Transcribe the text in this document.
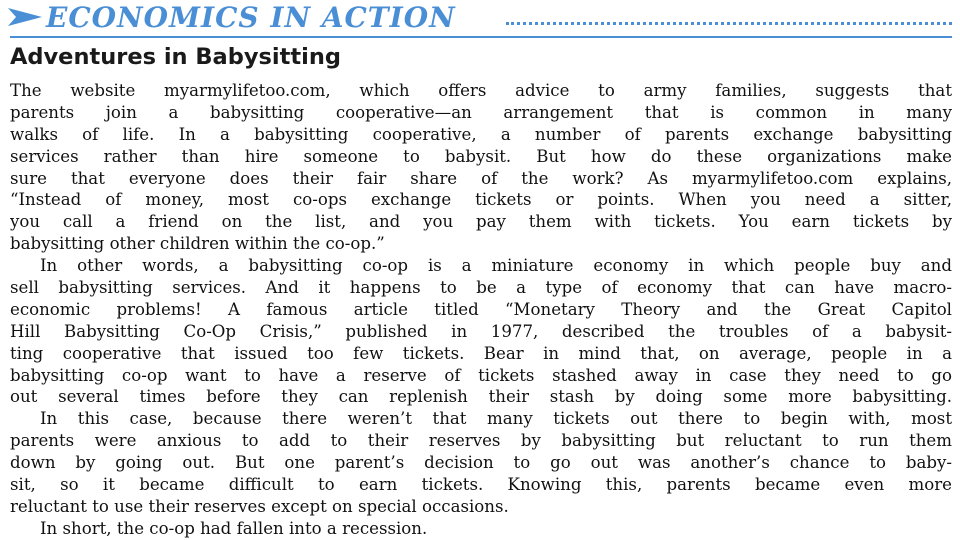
ECONOMICS IN ACTION
Adventures in Babysitting
The website myarmylifetoo.com, which offers advice to army families, suggests that
parents join a babysitting cooperative—an arrangement that is common in many
walks of life. In a babysitting cooperative, a number of parents exchange babysitting
services rather than hire someone to babysit. But how do these organizations make
sure that everyone does their fair share of the work? As myarmylifetoo.com explains,
“Instead of money, most co-ops exchange tickets or points. When you need a sitter,
you call a friend on the list, and you pay them with tickets. You earn tickets by
babysitting other children within the co-op.”
In other words, a babysitting co-op is a miniature economy in which people buy and
sell babysitting services. And it happens to be a type of economy that can have macro-
economic problems! A famous article titled “Monetary Theory and the Great Capitol
Hill Babysitting Co-Op Crisis,” published in 1977, described the troubles of a babysit-
ting cooperative that issued too few tickets. Bear in mind that, on average, people in a
babysitting co-op want to have a reserve of tickets stashed away in case they need to go
out several times before they can replenish their stash by doing some more babysitting.
In this case, because there weren’t that many tickets out there to begin with, most
parents were anxious to add to their reserves by babysitting but reluctant to run them
down by going out. But one parent’s decision to go out was another’s chance to baby-
sit, so it became difficult to earn tickets. Knowing this, parents became even more
reluctant to use their reserves except on special occasions.
In short, the co-op had fallen into a recession.
